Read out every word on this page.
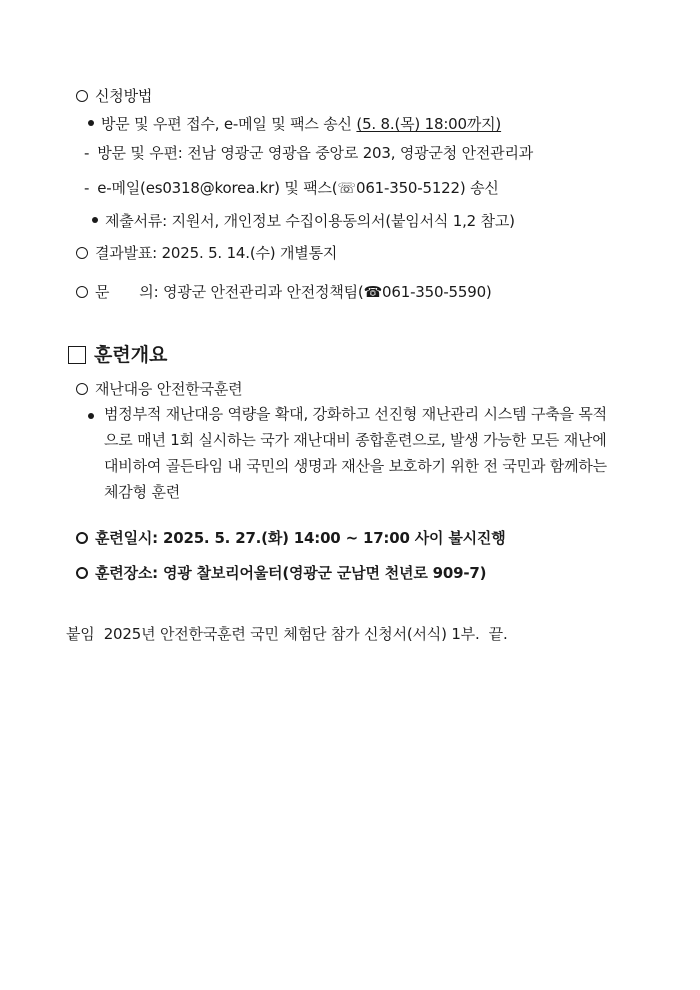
신청방법
방문 및 우편 접수, e-메일 및 팩스 송신 (5. 8.(목) 18:00까지)
- 방문 및 우편: 전남 영광군 영광읍 중앙로 203, 영광군청 안전관리과
- e-메일(es0318@korea.kr) 및 팩스(☏061-350-5122) 송신
제출서류: 지원서, 개인정보 수집이용동의서(붙임서식 1,2 참고)
결과발표: 2025. 5. 14.(수) 개별통지
문 의: 영광군 안전관리과 안전정책팀(☎061-350-5590)
훈련개요
재난대응 안전한국훈련
범정부적 재난대응 역량을 확대, 강화하고 선진형 재난관리 시스템 구축을 목적
으로 매년 1회 실시하는 국가 재난대비 종합훈련으로, 발생 가능한 모든 재난에
대비하여 골든타임 내 국민의 생명과 재산을 보호하기 위한 전 국민과 함께하는
체감형 훈련
훈련일시: 2025. 5. 27.(화) 14:00 ~ 17:00 사이 불시진행
훈련장소: 영광 찰보리어울터(영광군 군남면 천년로 909-7)
붙임  2025년 안전한국훈련 국민 체험단 참가 신청서(서식) 1부.  끝.
